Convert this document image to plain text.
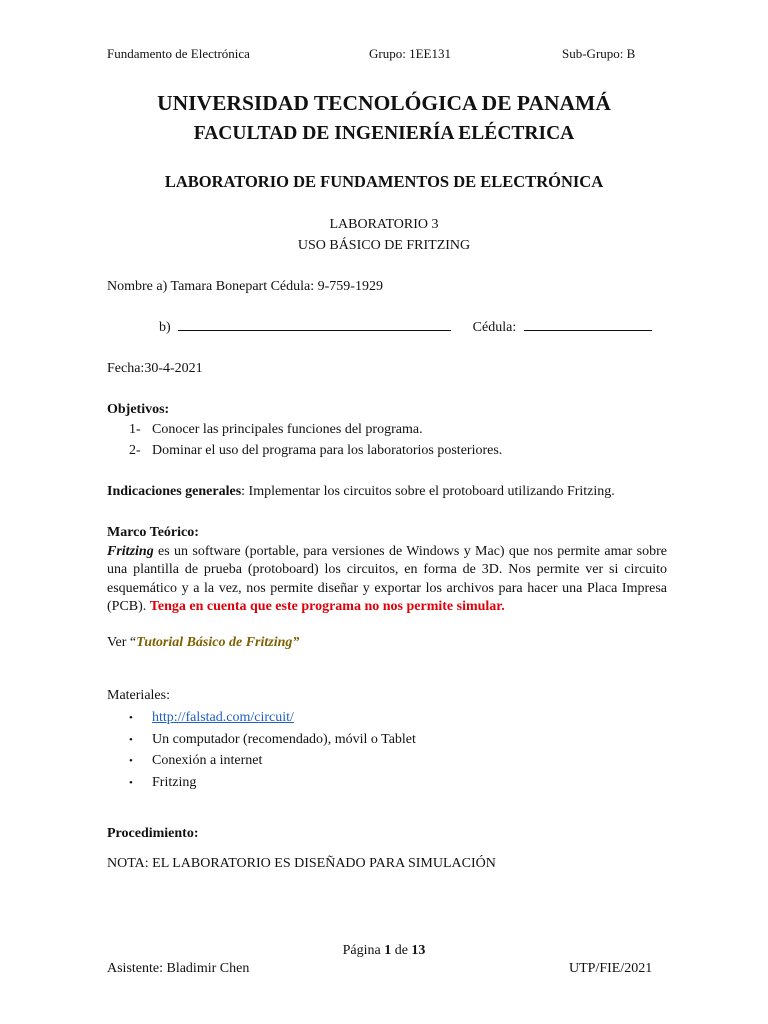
Fundamento de Electrónica	Grupo: 1EE131	Sub-Grupo: B
UNIVERSIDAD TECNOLÓGICA DE PANAMÁ
FACULTAD DE INGENIERÍA ELÉCTRICA
LABORATORIO DE FUNDAMENTOS DE ELECTRÓNICA
LABORATORIO 3
USO BÁSICO DE FRITZING
Nombre a) Tamara Bonepart Cédula: 9-759-1929
b)	Cédula:
Fecha:30-4-2021
Objetivos:
1- Conocer las principales funciones del programa.
2- Dominar el uso del programa para los laboratorios posteriores.
Indicaciones generales: Implementar los circuitos sobre el protoboard utilizando Fritzing.
Marco Teórico:
Fritzing es un software (portable, para versiones de Windows y Mac) que nos permite amar sobre una plantilla de prueba (protoboard) los circuitos, en forma de 3D. Nos permite ver si circuito esquemático y a la vez, nos permite diseñar y exportar los archivos para hacer una Placa Impresa (PCB). Tenga en cuenta que este programa no nos permite simular.
Ver “Tutorial Básico de Fritzing”
Materiales:
• http://falstad.com/circuit/
• Un computador (recomendado), móvil o Tablet
• Conexión a internet
• Fritzing
Procedimiento:
NOTA: EL LABORATORIO ES DISEÑADO PARA SIMULACIÓN
Página 1 de 13
Asistente: Bladimir Chen	UTP/FIE/2021
